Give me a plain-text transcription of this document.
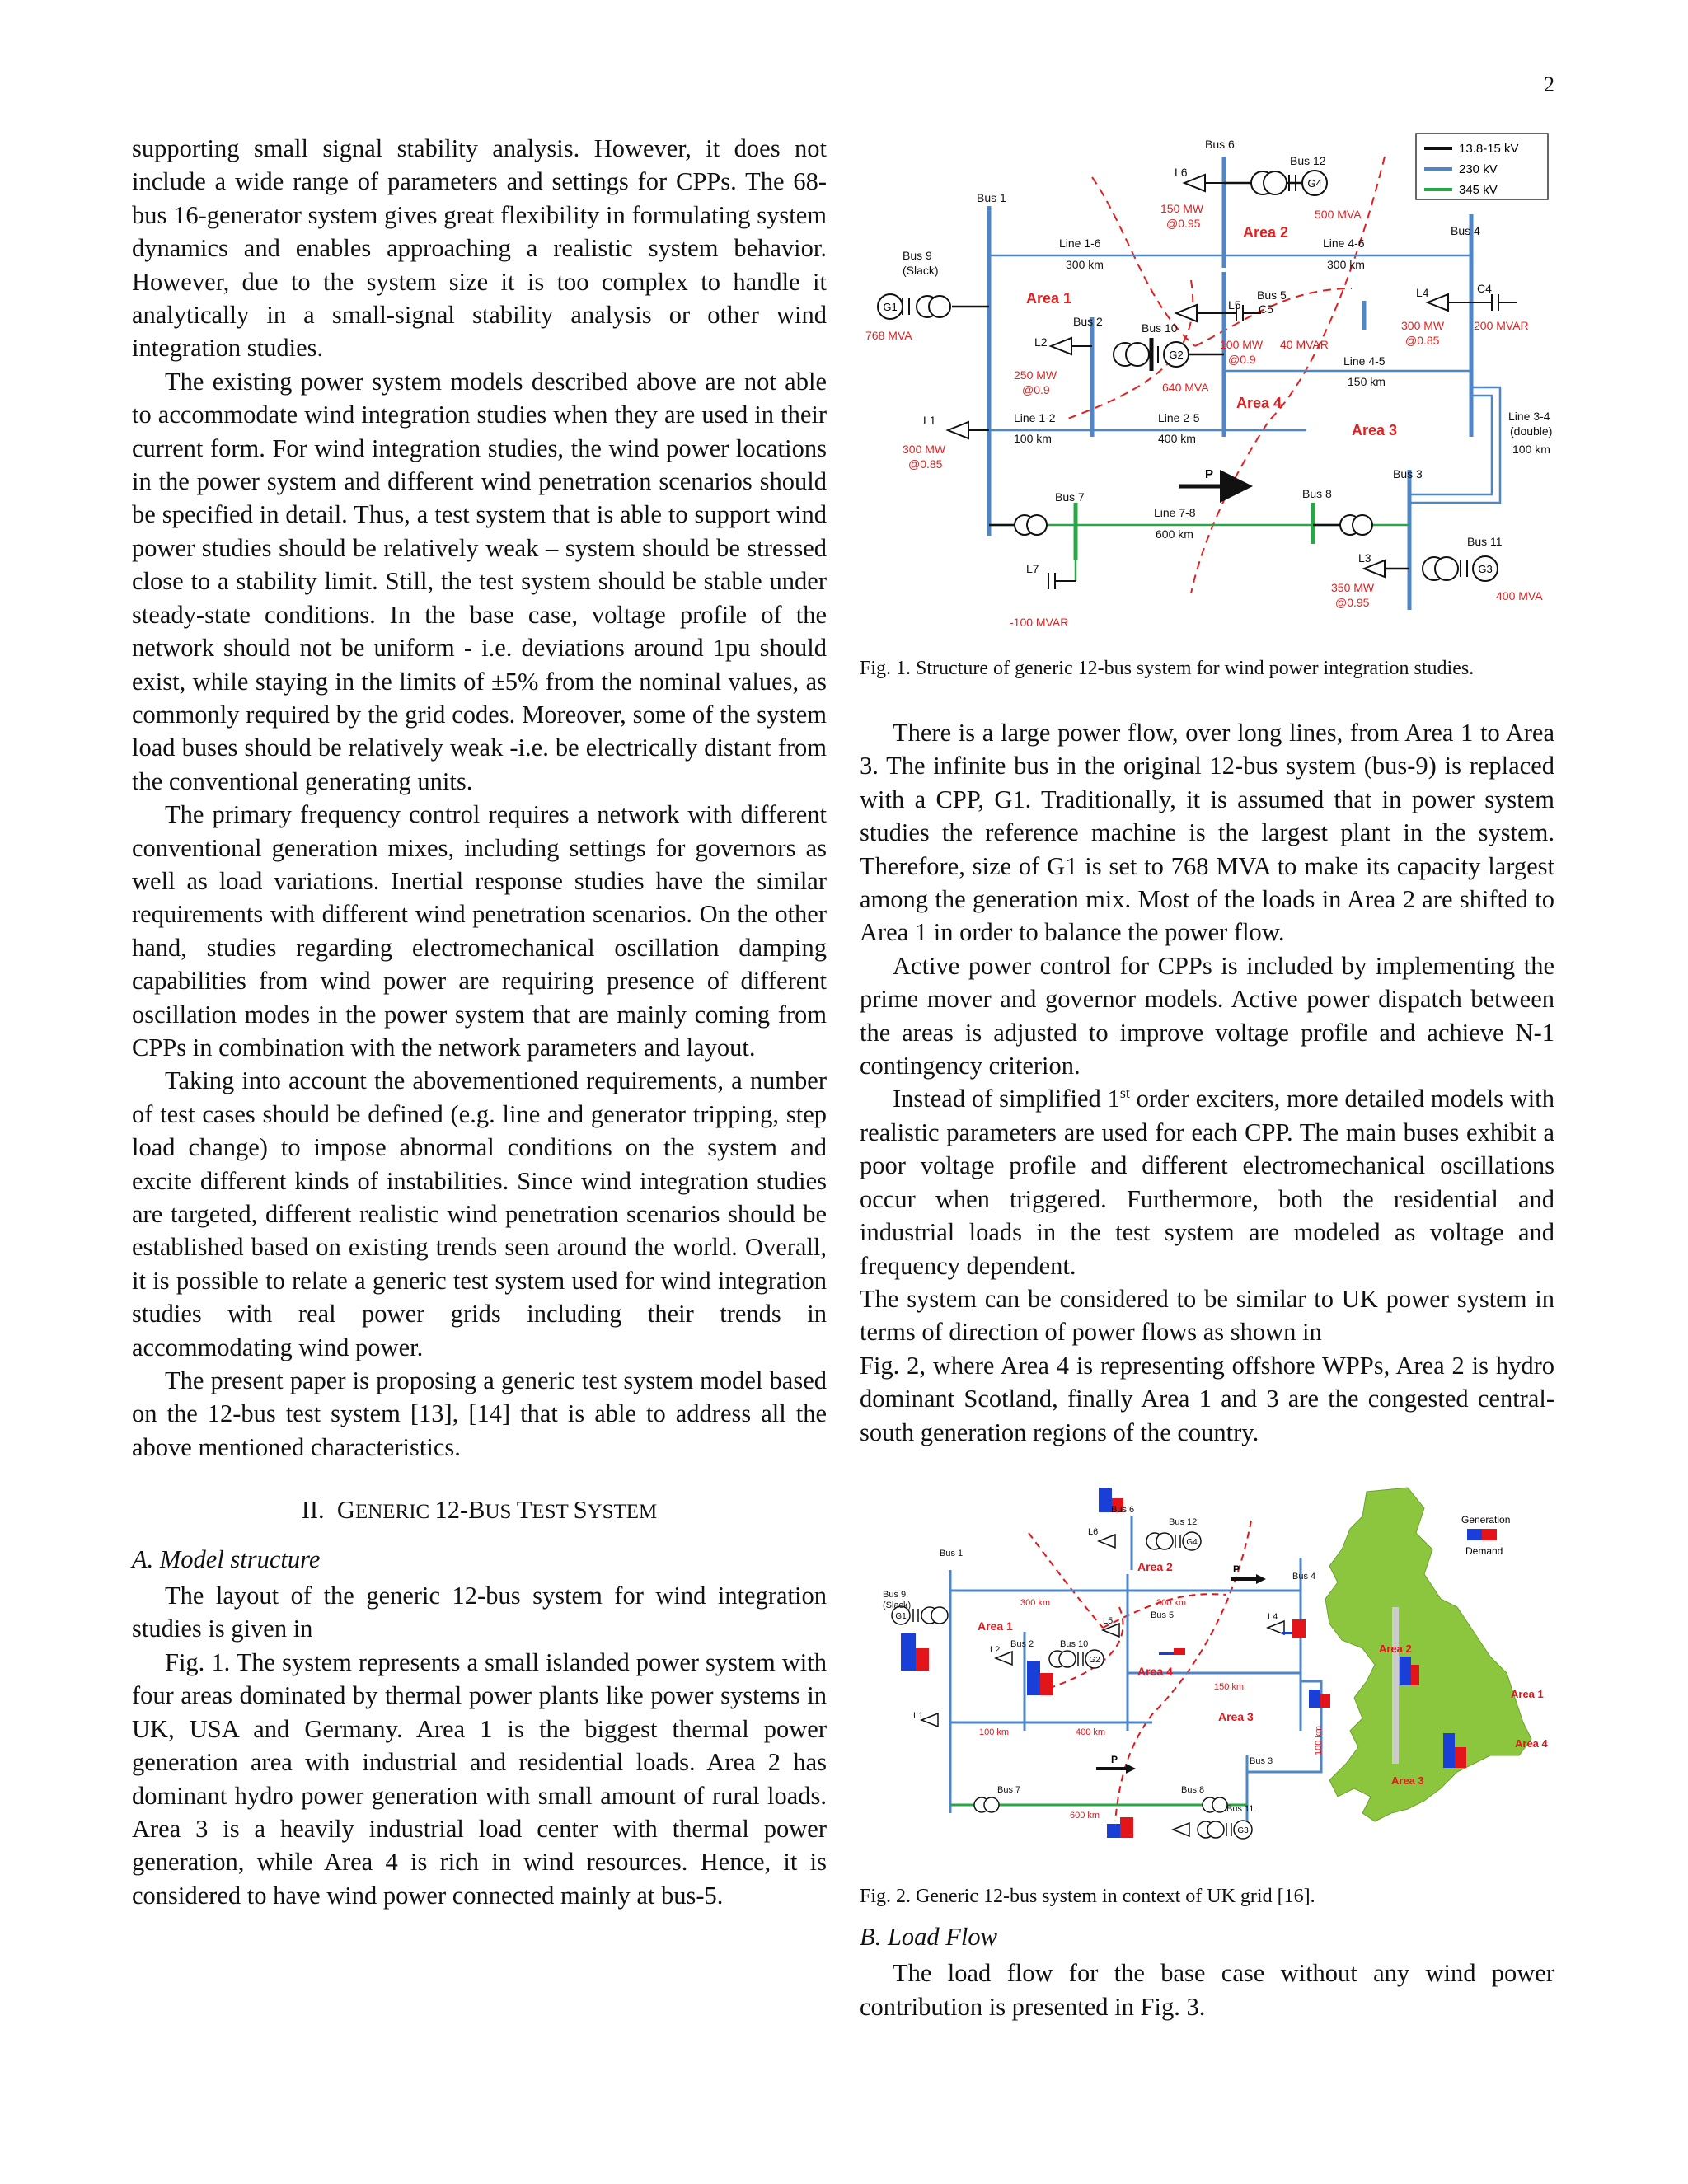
2

supporting small signal stability analysis. However, it does not include a wide range of parameters and settings for CPPs. The 68-bus 16-generator system gives great flexibility in formulating system dynamics and enables approaching a realistic system behavior. However, due to the system size it is too complex to handle it analytically in a small-signal stability analysis or other wind integration studies.

The existing power system models described above are not able to accommodate wind integration studies when they are used in their current form. For wind integration studies, the wind power locations in the power system and different wind penetration scenarios should be specified in detail. Thus, a test system that is able to support wind power studies should be relatively weak – system should be stressed close to a stability limit. Still, the test system should be stable under steady-state conditions. In the base case, voltage profile of the network should not be uniform - i.e. deviations around 1pu should exist, while staying in the limits of ±5% from the nominal values, as commonly required by the grid codes. Moreover, some of the system load buses should be relatively weak -i.e. be electrically distant from the conventional generating units.

The primary frequency control requires a network with different conventional generation mixes, including settings for governors as well as load variations. Inertial response studies have the similar requirements with different wind penetration scenarios. On the other hand, studies regarding electromechanical oscillation damping capabilities from wind power are requiring presence of different oscillation modes in the power system that are mainly coming from CPPs in combination with the network parameters and layout.

Taking into account the abovementioned requirements, a number of test cases should be defined (e.g. line and generator tripping, step load change) to impose abnormal conditions on the system and excite different kinds of instabilities. Since wind integration studies are targeted, different realistic wind penetration scenarios should be established based on existing trends seen around the world. Overall, it is possible to relate a generic test system used for wind integration studies with real power grids including their trends in accommodating wind power.

The present paper is proposing a generic test system model based on the 12-bus test system [13], [14] that is able to address all the above mentioned characteristics.

II. GENERIC 12-BUS TEST SYSTEM
A. Model structure

The layout of the generic 12-bus system for wind integration studies is given in

Fig. 1. The system represents a small islanded power system with four areas dominated by thermal power plants like power systems in UK, USA and Germany. Area 1 is the biggest thermal power generation area with industrial and residential loads. Area 2 has dominant hydro power generation with small amount of rural loads. Area 3 is a heavily industrial load center with thermal power generation, while Area 4 is rich in wind resources. Hence, it is considered to have wind power connected mainly at bus-5.

13.8-15 kV
230 kV
345 kV
G1
G2
G3
G4
P
Bus 1
Bus 2
Bus 3
Bus 4
Bus 5
Bus 6
Bus 7	Bus 8
Bus 9
(Slack)
Bus 10
Bus 11
Bus 12
Area 1
Area 2
Area 3
Area 4
L1
L2
L3
L4
L5
L6
L7
C4
C5
Line 1-6
300 km
Line 4-6
300 km
Line 1-2
100 km
Line 2-5
400 km
Line 4-5
150 km
Line 3-4
(double)
100 km
Line 7-8
600 km
768 MVA
640 MVA
400 MVA
500 MVA
300 MW
@0.85
250 MW
@0.9
350 MW
@0.95
300 MW
@0.85
100 MW
@0.9
150 MW
@0.95
200 MVAR
40 MVAR
-100 MVAR
Fig. 1. Structure of generic 12-bus system for wind power integration studies.

There is a large power flow, over long lines, from Area 1 to Area 3. The infinite bus in the original 12-bus system (bus-9) is replaced with a CPP, G1. Traditionally, it is assumed that in power system studies the reference machine is the largest plant in the system. Therefore, size of G1 is set to 768 MVA to make its capacity largest among the generation mix. Most of the loads in Area 2 are shifted to Area 1 in order to balance the power flow.

Active power control for CPPs is included by implementing the prime mover and governor models. Active power dispatch between the areas is adjusted to improve voltage profile and achieve N-1 contingency criterion.

Instead of simplified 1st order exciters, more detailed models with realistic parameters are used for each CPP. The main buses exhibit a poor voltage profile and different electromechanical oscillations occur when triggered. Furthermore, both the residential and industrial loads in the test system are modeled as voltage and frequency dependent.

The system can be considered to be similar to UK power system in terms of direction of power flows as shown in

Fig. 2, where Area 4 is representing offshore WPPs, Area 2 is hydro dominant Scotland, finally Area 1 and 3 are the congested central-south generation regions of the country.

Area 2
Area 1
Area 4
Area 3
Generation
Demand
G1
G2
G3
G4
P
P
Bus 1
Bus 2
Bus 3
Bus 4
Bus 5
Bus 6
Bus 7	Bus 8
Bus 9
(Slack)
Bus 10
Bus 11
Bus 12
L1
L2
L4
L5
L6
300 km	300 km
150 km
100 km	400 km
600 km
100 km
Area 1
Area 2
Area 3
Area 4
Fig. 2. Generic 12-bus system in context of UK grid [16].
B. Load Flow

The load flow for the base case without any wind power contribution is presented in Fig. 3.
